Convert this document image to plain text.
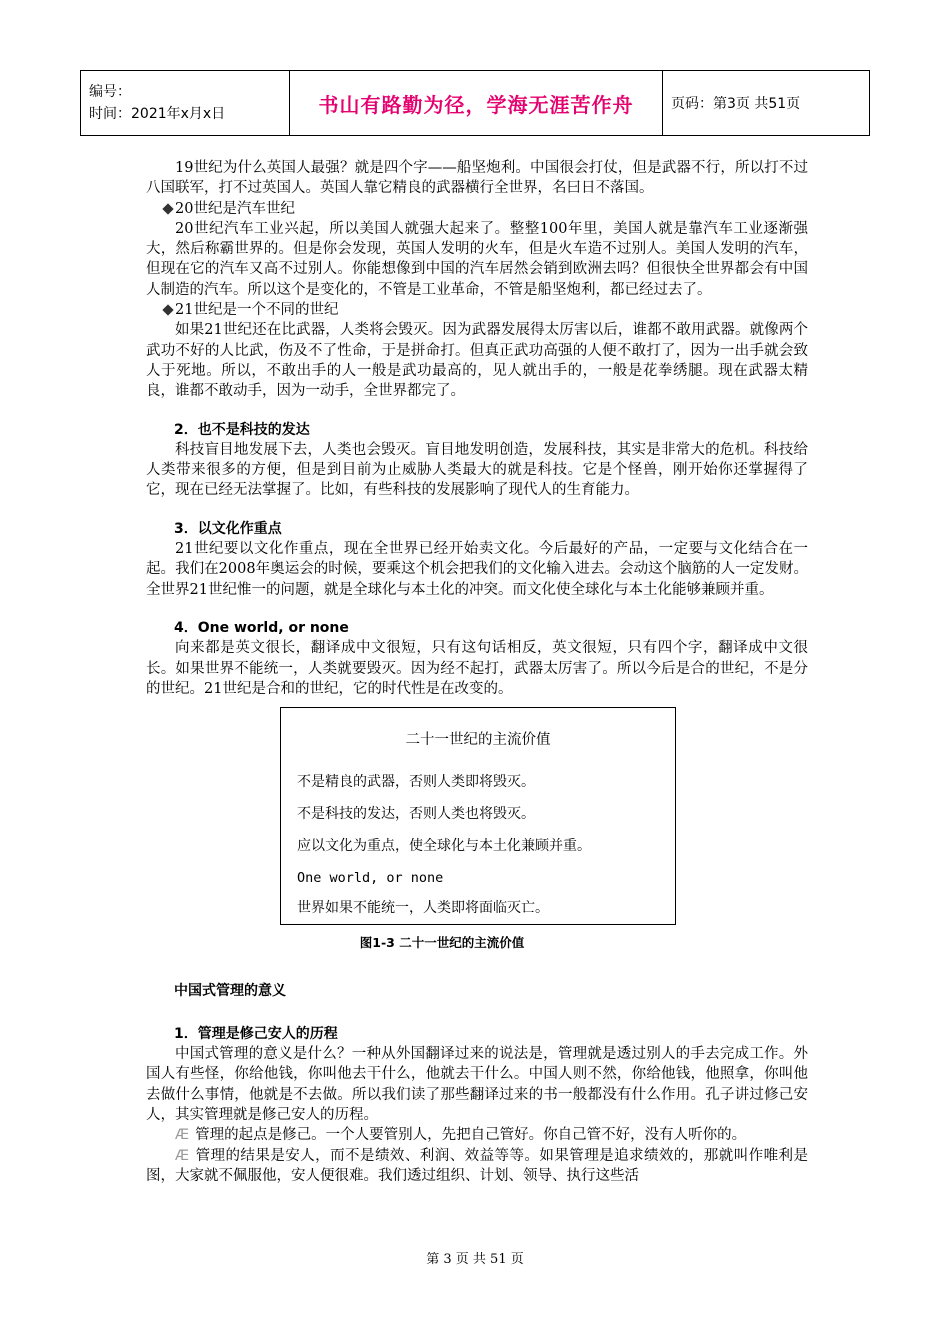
编号：
时间：2021年x月x日	书山有路勤为径，学海无涯苦作舟	页码：第3页 共51页

19世纪为什么英国人最强？就是四个字——船坚炮利。中国很会打仗，但是武器不行，所以打不过八国联军，打不过英国人。英国人靠它精良的武器横行全世界，名曰日不落国。

20世纪是汽车世纪

20世纪汽车工业兴起，所以美国人就强大起来了。整整100年里，美国人就是靠汽车工业逐渐强大，然后称霸世界的。但是你会发现，英国人发明的火车，但是火车造不过别人。美国人发明的汽车，但现在它的汽车又高不过别人。你能想像到中国的汽车居然会销到欧洲去吗？但很快全世界都会有中国人制造的汽车。所以这个是变化的，不管是工业革命，不管是船坚炮利，都已经过去了。

21世纪是一个不同的世纪

如果21世纪还在比武器，人类将会毁灭。因为武器发展得太厉害以后，谁都不敢用武器。就像两个武功不好的人比武，伤及不了性命，于是拼命打。但真正武功高强的人便不敢打了，因为一出手就会致人于死地。所以，不敢出手的人一般是武功最高的，见人就出手的，一般是花拳绣腿。现在武器太精良，谁都不敢动手，因为一动手，全世界都完了。

2．也不是科技的发达

科技盲目地发展下去，人类也会毁灭。盲目地发明创造，发展科技，其实是非常大的危机。科技给人类带来很多的方便，但是到目前为止威胁人类最大的就是科技。它是个怪兽，刚开始你还掌握得了它，现在已经无法掌握了。比如，有些科技的发展影响了现代人的生育能力。

3．以文化作重点

21世纪要以文化作重点，现在全世界已经开始卖文化。今后最好的产品，一定要与文化结合在一起。我们在2008年奥运会的时候，要乘这个机会把我们的文化输入进去。会动这个脑筋的人一定发财。全世界21世纪惟一的问题，就是全球化与本土化的冲突。而文化使全球化与本土化能够兼顾并重。

4．One world, or none

向来都是英文很长，翻译成中文很短，只有这句话相反，英文很短，只有四个字，翻译成中文很长。如果世界不能统一，人类就要毁灭。因为经不起打，武器太厉害了。所以今后是合的世纪，不是分的世纪。21世纪是合和的世纪，它的时代性是在改变的。

二十一世纪的主流价值
不是精良的武器，否则人类即将毁灭。
不是科技的发达，否则人类也将毁灭。
应以文化为重点，使全球化与本土化兼顾并重。
One world, or none
世界如果不能统一，人类即将面临灭亡。

图1-3 二十一世纪的主流价值

中国式管理的意义

1．管理是修己安人的历程

中国式管理的意义是什么？一种从外国翻译过来的说法是，管理就是透过别人的手去完成工作。外国人有些怪，你给他钱，你叫他去干什么，他就去干什么。中国人则不然，你给他钱，他照拿，你叫他去做什么事情，他就是不去做。所以我们读了那些翻译过来的书一般都没有什么作用。孔子讲过修己安人，其实管理就是修己安人的历程。

Æ 管理的起点是修己。一个人要管别人，先把自己管好。你自己管不好，没有人听你的。

Æ 管理的结果是安人，而不是绩效、利润、效益等等。如果管理是追求绩效的，那就叫作唯利是图，大家就不佩服他，安人便很难。我们透过组织、计划、领导、执行这些活

第 3 页 共 51 页
